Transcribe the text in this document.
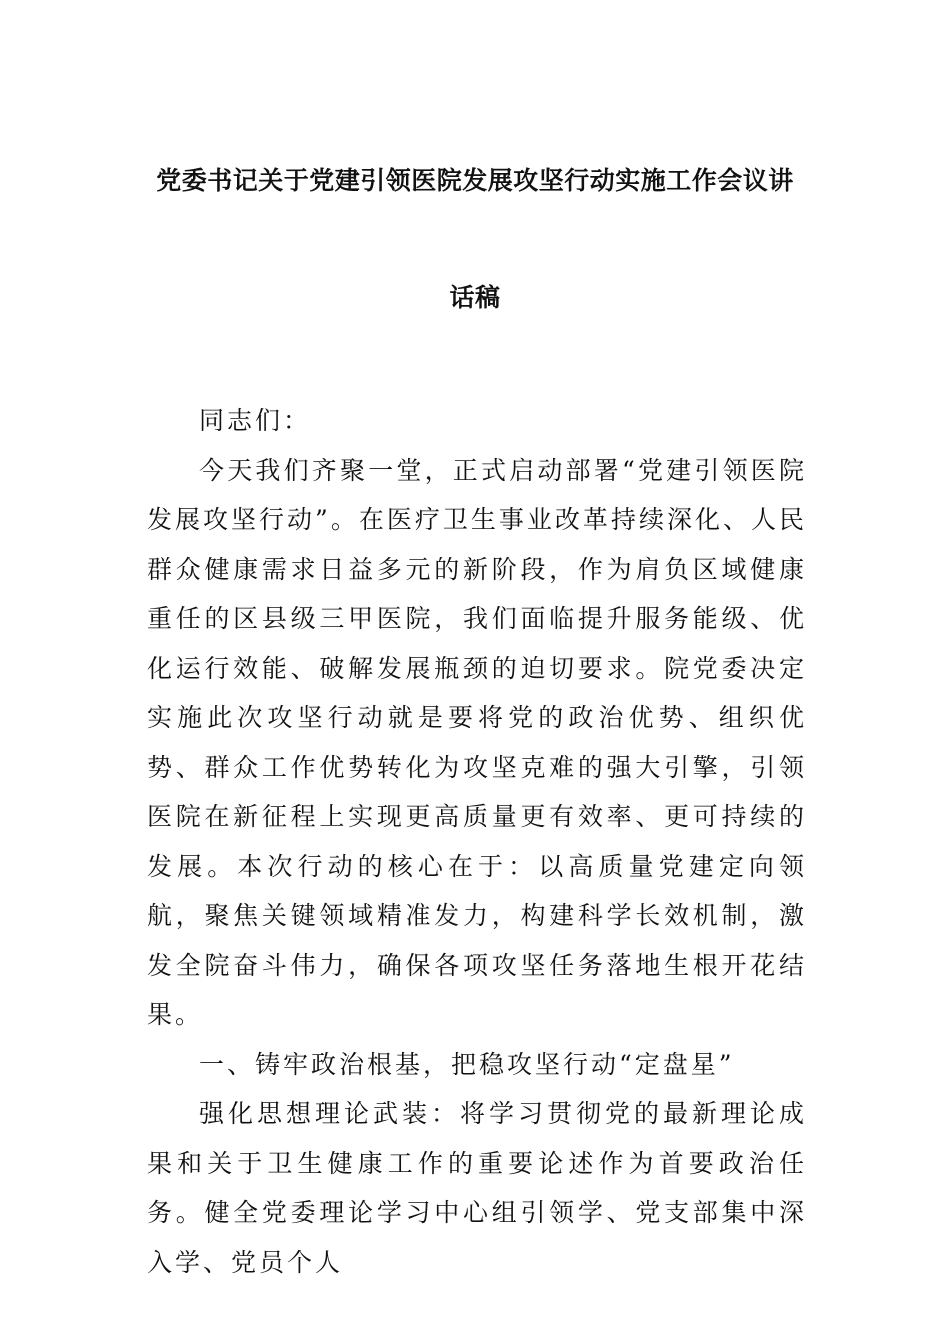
党委书记关于党建引领医院发展攻坚行动实施工作会议讲
话稿

同志们：

今天我们齐聚一堂，正式启动部署“党建引领医院发展攻坚行动”。在医疗卫生事业改革持续深化、人民群众健康需求日益多元的新阶段，作为肩负区域健康重任的区县级三甲医院，我们面临提升服务能级、优化运行效能、破解发展瓶颈的迫切要求。院党委决定实施此次攻坚行动就是要将党的政治优势、组织优势、群众工作优势转化为攻坚克难的强大引擎，引领医院在新征程上实现更高质量更有效率、更可持续的发展。本次行动的核心在于：以高质量党建定向领航，聚焦关键领域精准发力，构建科学长效机制，激发全院奋斗伟力，确保各项攻坚任务落地生根开花结果。

一、铸牢政治根基，把稳攻坚行动“定盘星”

强化思想理论武装：将学习贯彻党的最新理论成果和关于卫生健康工作的重要论述作为首要政治任务。健全党委理论学习中心组引领学、党支部集中深入学、党员个人
